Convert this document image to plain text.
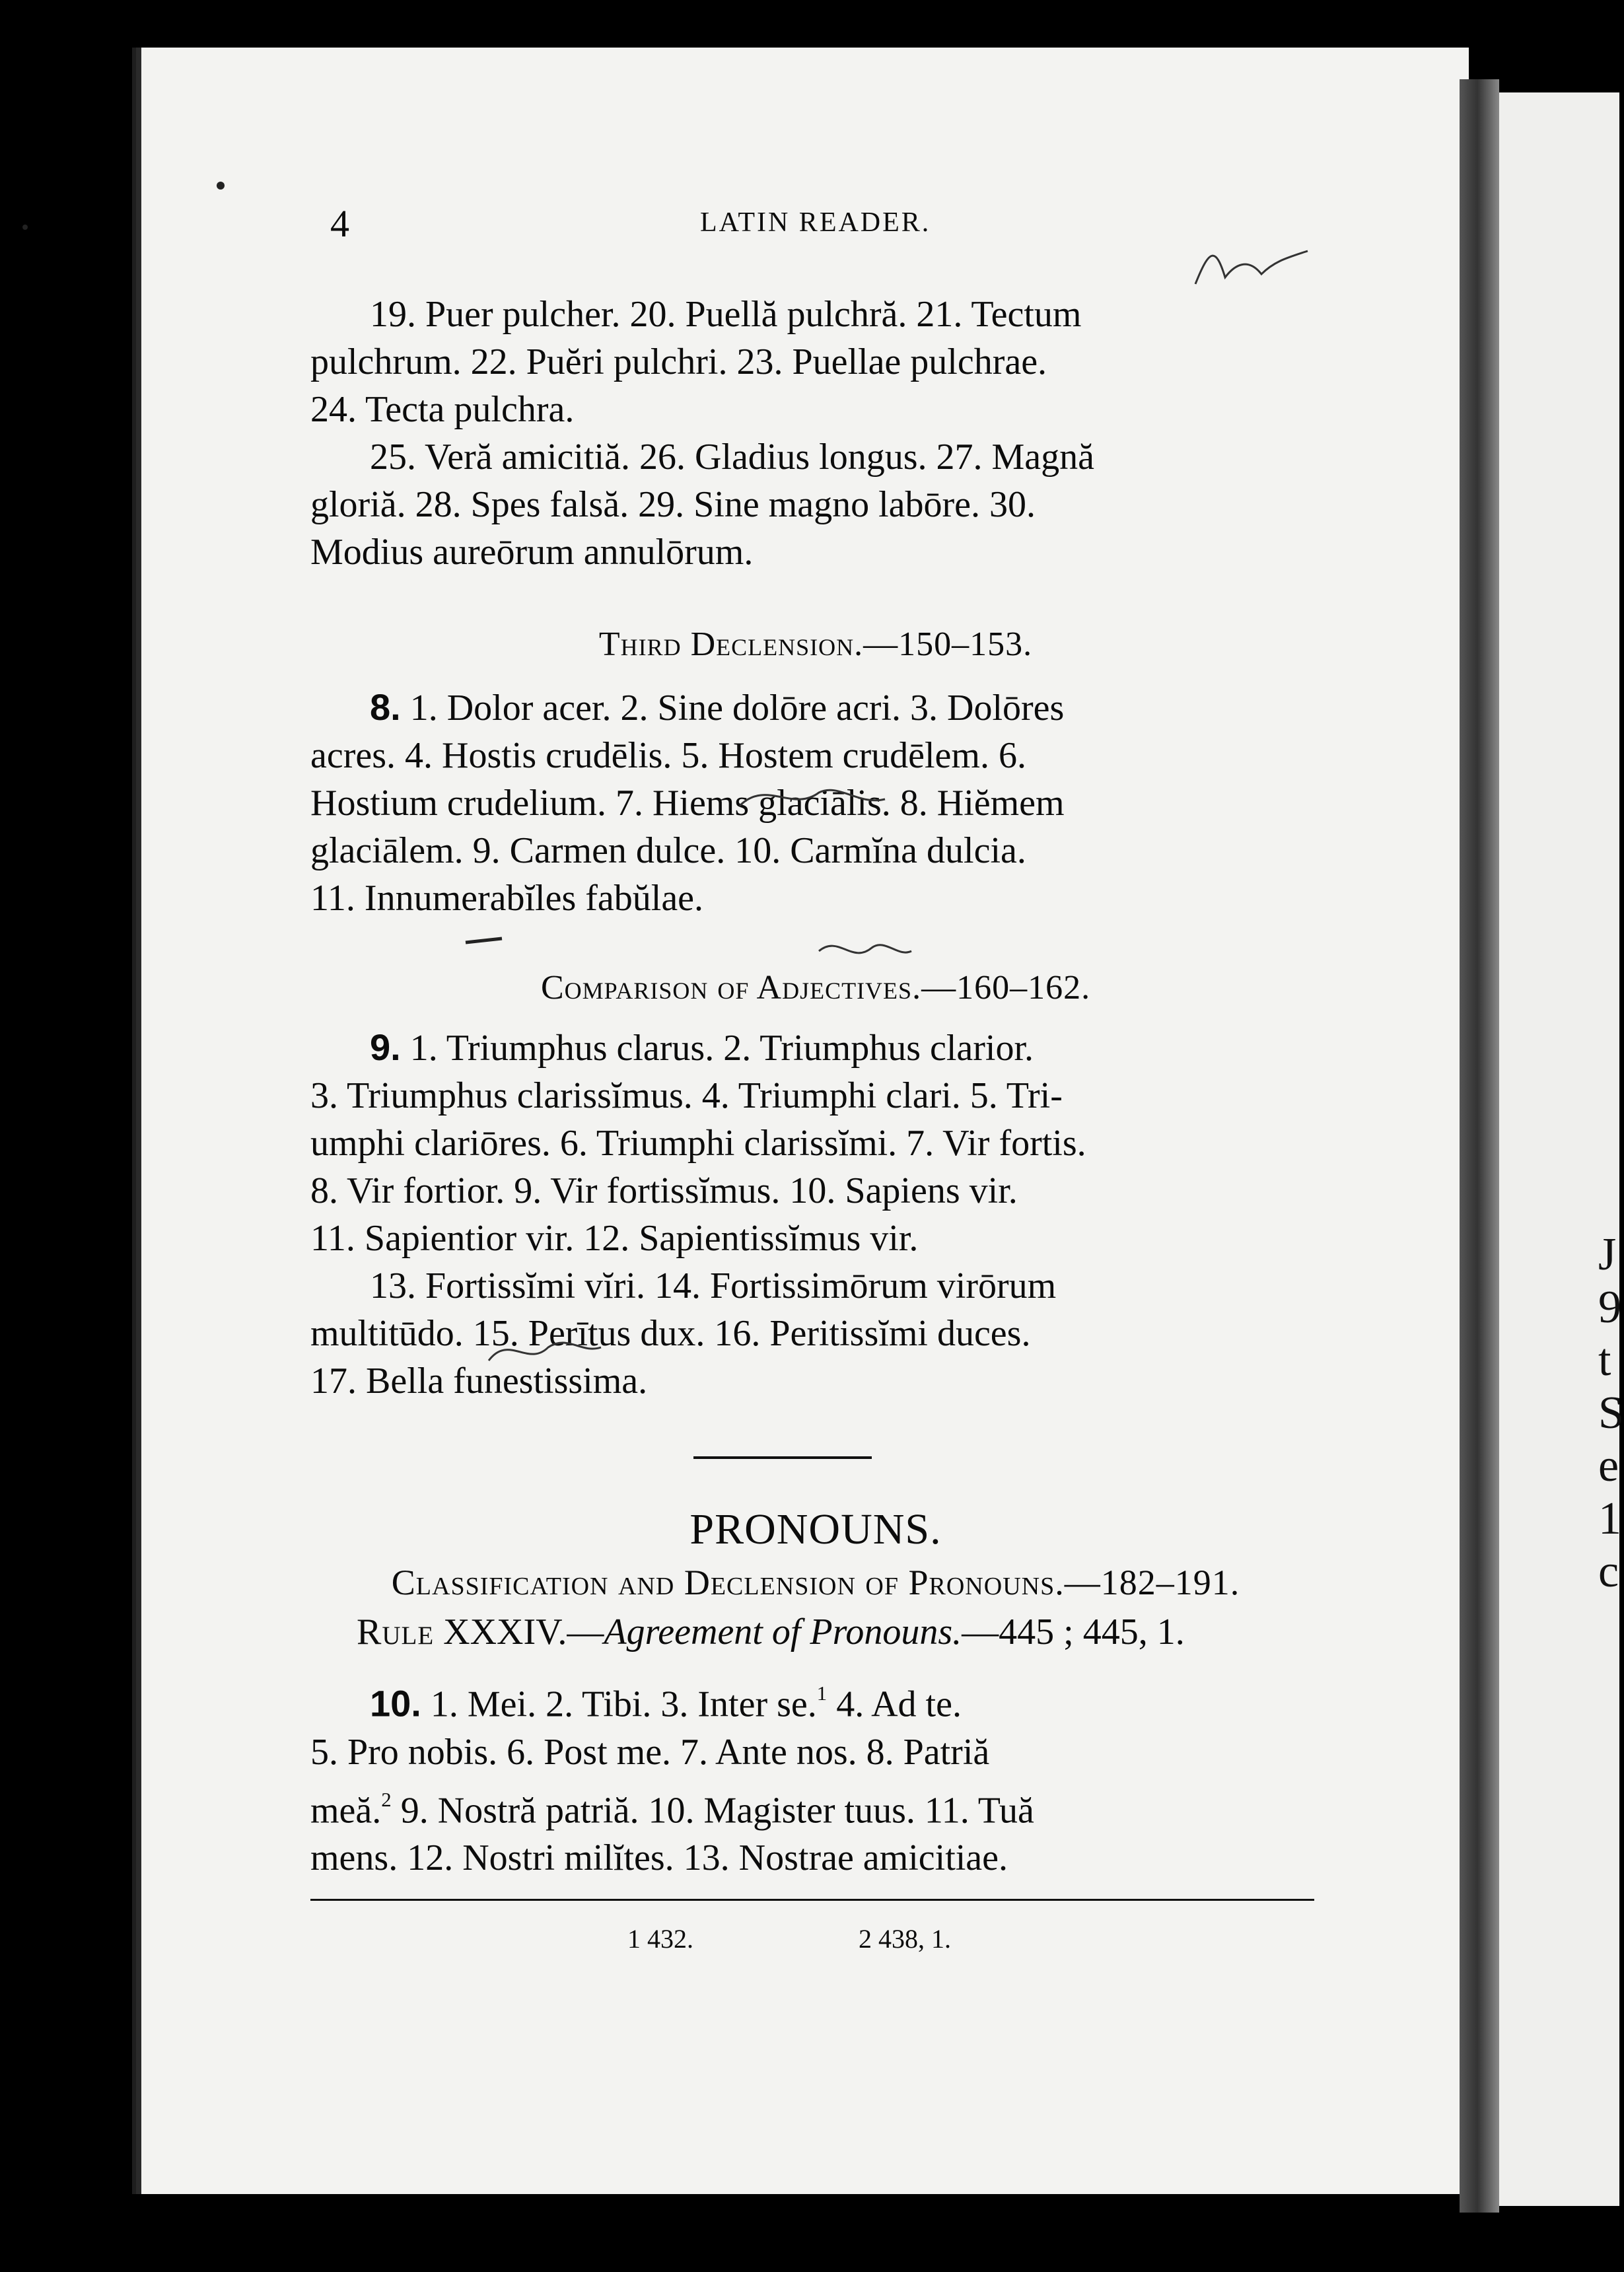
J
9
t
S
e
1
c
4	LATIN READER.
19. Puer pulcher. 20. Puellă pulchră. 21. Tectum
pulchrum. 22. Puĕri pulchri. 23. Puellae pulchrae.
24. Tecta pulchra.
25. Veră amicitiă. 26. Gladius longus. 27. Magnă
gloriă. 28. Spes falsă. 29. Sine magno labōre. 30.
Modius aureōrum annulōrum.
Third Declension.—150–153.
8. 1. Dolor acer. 2. Sine dolōre acri. 3. Dolōres
acres. 4. Hostis crudēlis. 5. Hostem crudēlem. 6.
Hostium crudelium. 7. Hiems glaciālis. 8. Hiĕmem
glaciālem. 9. Carmen dulce. 10. Carmĭna dulcia.
11. Innumerabĭles fabŭlae.
Comparison of Adjectives.—160–162.
9. 1. Triumphus clarus. 2. Triumphus clarior.
3. Triumphus clarissĭmus. 4. Triumphi clari. 5. Tri-
umphi clariōres. 6. Triumphi clarissĭmi. 7. Vir fortis.
8. Vir fortior. 9. Vir fortissĭmus. 10. Sapiens vir.
11. Sapientior vir. 12. Sapientissĭmus vir.
13. Fortissĭmi vĭri. 14. Fortissimōrum virōrum
multitūdo. 15. Perītus dux. 16. Peritissĭmi duces.
17. Bella funestissima.
PRONOUNS.
Classification and Declension of Pronouns.—182–191.
Rule XXXIV.—Agreement of Pronouns.—445 ; 445, 1.
10. 1. Mei. 2. Tibi. 3. Inter se.$^1$ 4. Ad te.
5. Pro nobis. 6. Post me. 7. Ante nos. 8. Patriă
meă.$^2$ 9. Nostră patriă. 10. Magister tuus. 11. Tuă
mens. 12. Nostri milĭtes. 13. Nostrae amicitiae.
1 432.	2 438, 1.
